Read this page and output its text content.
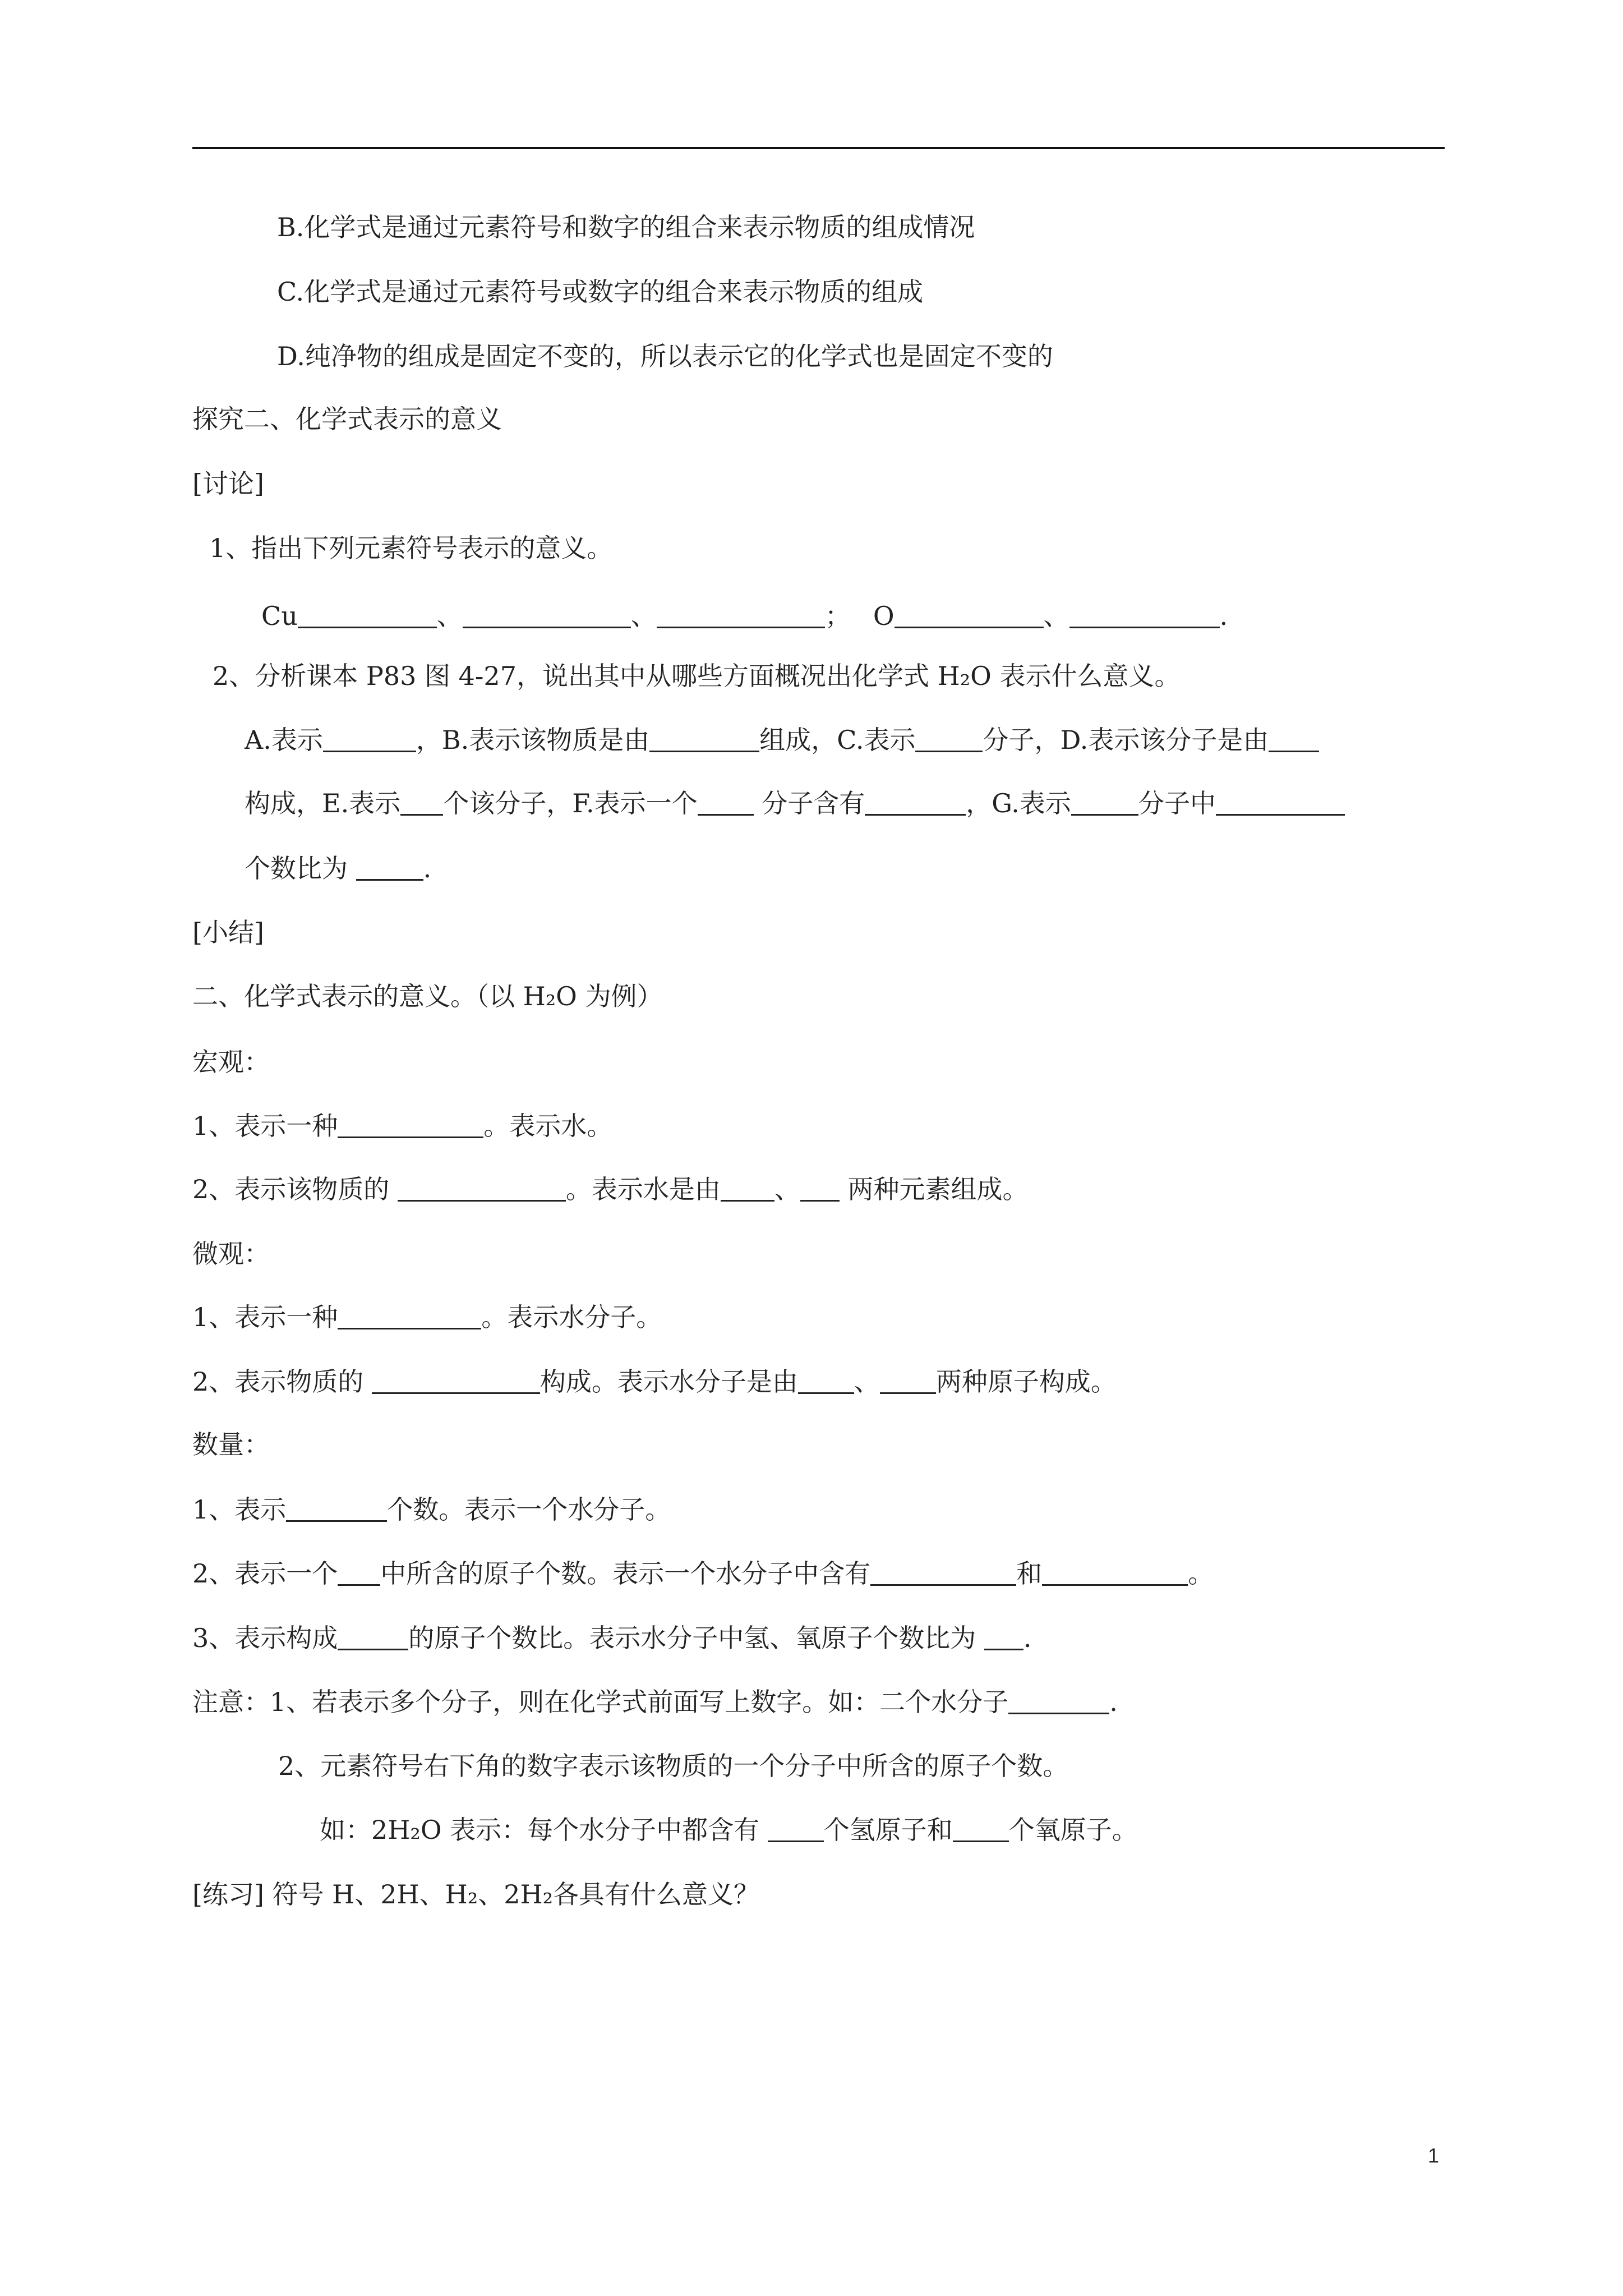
B.化学式是通过元素符号和数字的组合来表示物质的组成情况
C.化学式是通过元素符号或数字的组合来表示物质的组成
D.纯净物的组成是固定不变的，所以表示它的化学式也是固定不变的
探究二、化学式表示的意义
[讨论]
1、指出下列元素符号表示的意义。
Cu	、	、	； O	、	.
2、分析课本 P83 图 4-27，说出其中从哪些方面概况出化学式 H₂O 表示什么意义。
A.表示	，B.表示该物质是由	组成，C.表示	分子，D.表示该分子是由
构成，E.表示 个该分子，F.表示一个 分子含有	，G.表示	分子中
个数比为	.
[小结]
二、化学式表示的意义。（以 H₂O 为例）
宏观：
1、表示一种	。表示水。
2、表示该物质的	。表示水是由 、 两种元素组成。
微观：
1、表示一种	。表示水分子。
2、表示物质的	构成。表示水分子是由 、 两种原子构成。
数量：
1、表示	个数。表示一个水分子。
2、表示一个 中所含的原子个数。表示一个水分子中含有	和	。
3、表示构成	的原子个数比。表示水分子中氢、氧原子个数比为 .
注意：1、若表示多个分子，则在化学式前面写上数字。如：二个水分子	.
2、元素符号右下角的数字表示该物质的一个分子中所含的原子个数。
如：2H₂O 表示：每个水分子中都含有 个氢原子和 个氧原子。
[练习] 符号 H、2H、H₂、2H₂各具有什么意义？
1
